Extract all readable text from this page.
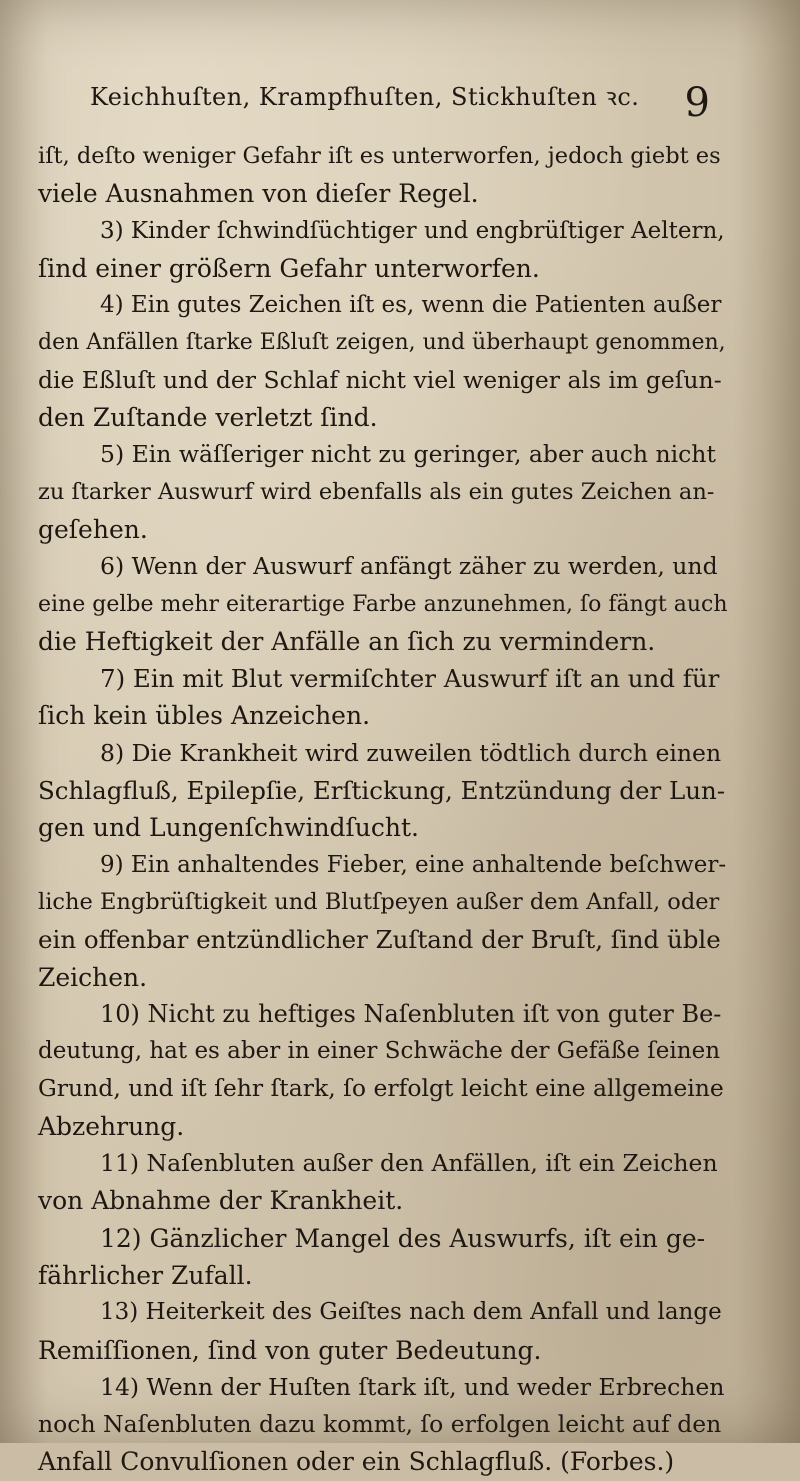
Keichhuſten, Krampfhuſten, Stickhuſten ꝛc. 9
iſt, deſto weniger Gefahr iſt es unterworfen, jedoch giebt es
viele Ausnahmen von dieſer Regel.
3) Kinder ſchwindſüchtiger und engbrüſtiger Aeltern,
ſind einer größern Gefahr unterworfen.
4) Ein gutes Zeichen iſt es, wenn die Patienten außer
den Anfällen ſtarke Eßluſt zeigen, und überhaupt genommen,
die Eßluſt und der Schlaf nicht viel weniger als im geſun-
den Zuſtande verletzt ſind.
5) Ein wäſſeriger nicht zu geringer, aber auch nicht
zu ſtarker Auswurf wird ebenfalls als ein gutes Zeichen an-
geſehen.
6) Wenn der Auswurf anfängt zäher zu werden, und
eine gelbe mehr eiterartige Farbe anzunehmen, ſo fängt auch
die Heftigkeit der Anfälle an ſich zu vermindern.
7) Ein mit Blut vermiſchter Auswurf iſt an und für
ſich kein übles Anzeichen.
8) Die Krankheit wird zuweilen tödtlich durch einen
Schlagfluß, Epilepſie, Erſtickung, Entzündung der Lun-
gen und Lungenſchwindſucht.
9) Ein anhaltendes Fieber, eine anhaltende beſchwer-
liche Engbrüſtigkeit und Blutſpeyen außer dem Anfall, oder
ein offenbar entzündlicher Zuſtand der Bruſt, ſind üble
Zeichen.
10) Nicht zu heftiges Naſenbluten iſt von guter Be-
deutung, hat es aber in einer Schwäche der Gefäße ſeinen
Grund, und iſt ſehr ſtark, ſo erfolgt leicht eine allgemeine
Abzehrung.
11) Naſenbluten außer den Anfällen, iſt ein Zeichen
von Abnahme der Krankheit.
12) Gänzlicher Mangel des Auswurfs, iſt ein ge-
fährlicher Zufall.
13) Heiterkeit des Geiſtes nach dem Anfall und lange
Remiſſionen, ſind von guter Bedeutung.
14) Wenn der Huſten ſtark iſt, und weder Erbrechen
noch Naſenbluten dazu kommt, ſo erfolgen leicht auf den
Anfall Convulſionen oder ein Schlagfluß. (Forbes.)
